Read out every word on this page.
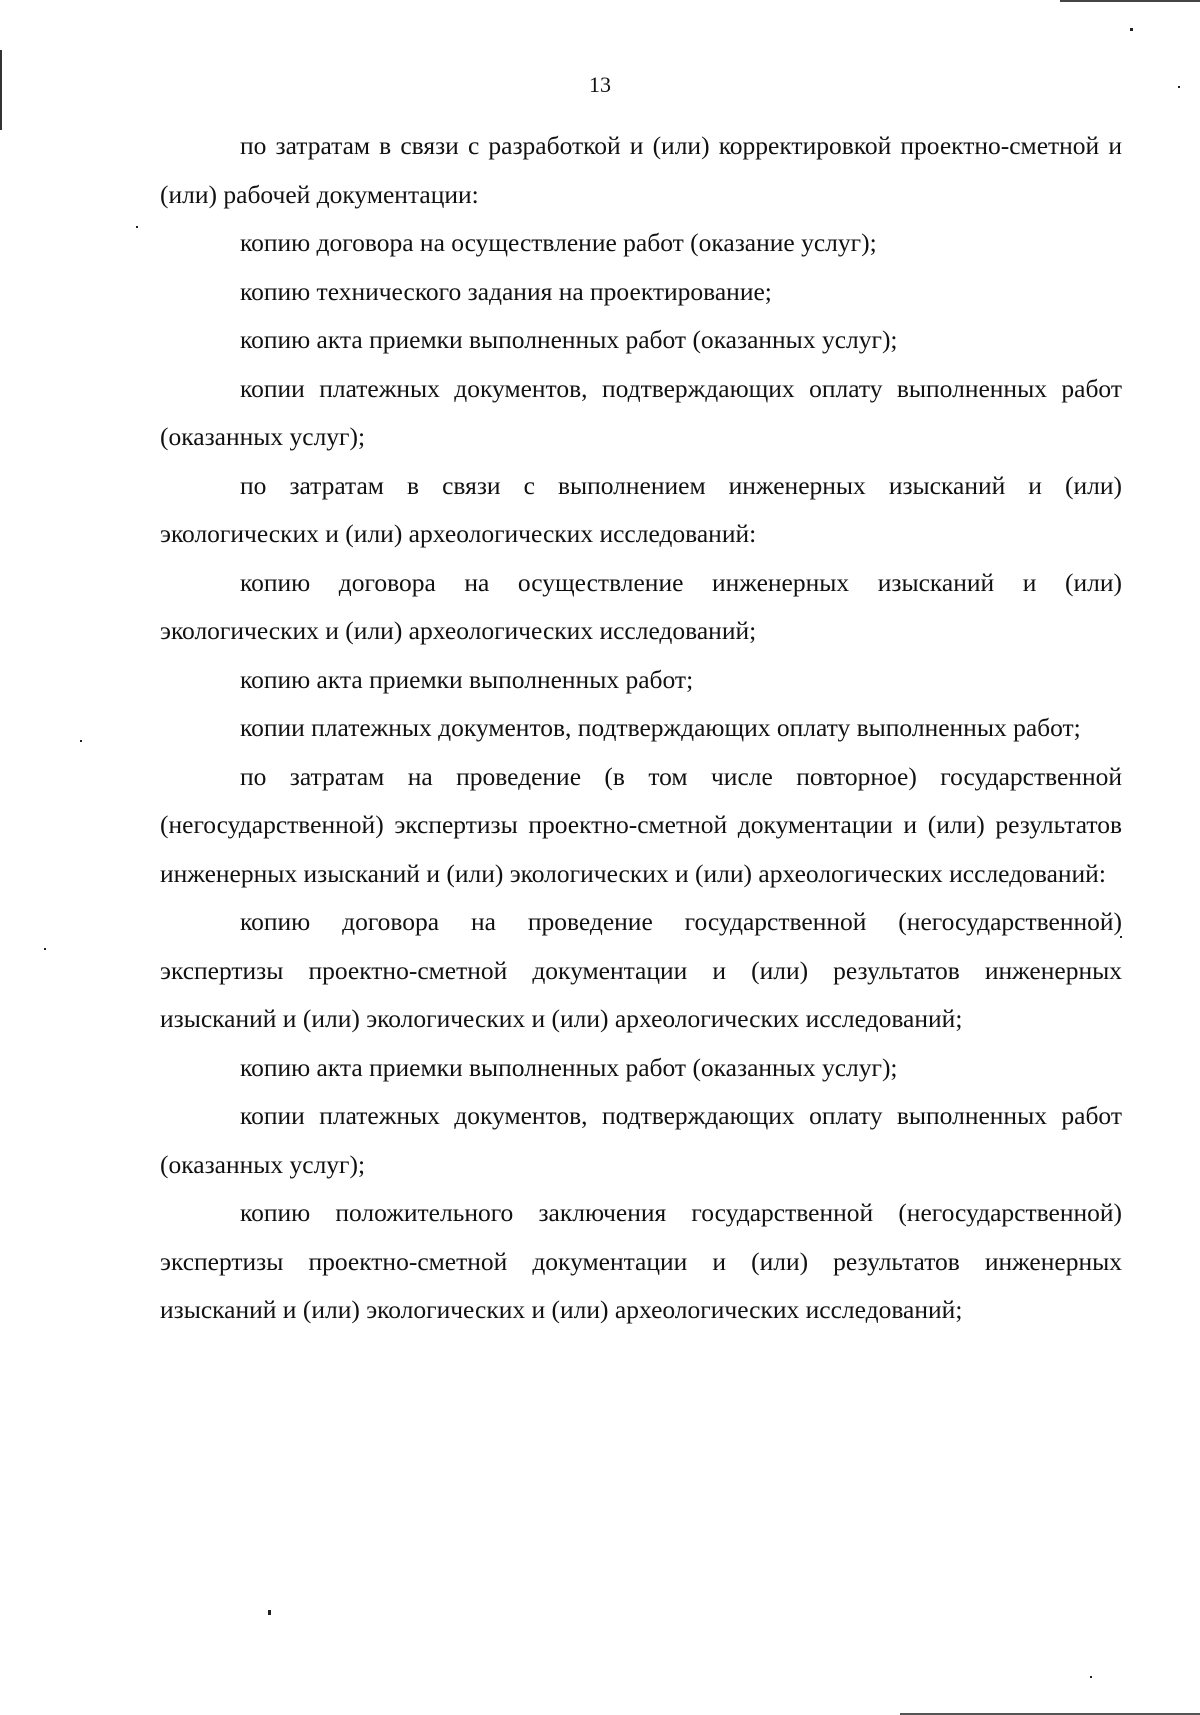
13

по затратам в связи с разработкой и (или) корректировкой проектно-сметной и (или) рабочей документации:

копию договора на осуществление работ (оказание услуг);

копию технического задания на проектирование;

копию акта приемки выполненных работ (оказанных услуг);

копии платежных документов, подтверждающих оплату выполненных работ (оказанных услуг);

по затратам в связи с выполнением инженерных изысканий и (или) экологических и (или) археологических исследований:

копию договора на осуществление инженерных изысканий и (или) экологических и (или) археологических исследований;

копию акта приемки выполненных работ;

копии платежных документов, подтверждающих оплату выполненных работ;

по затратам на проведение (в том числе повторное) государственной (негосударственной) экспертизы проектно-сметной документации и (или) результатов инженерных изысканий и (или) экологических и (или) археологических исследований:

копию договора на проведение государственной (негосударственной) экспертизы проектно-сметной документации и (или) результатов инженерных изысканий и (или) экологических и (или) археологических исследований;

копию акта приемки выполненных работ (оказанных услуг);

копии платежных документов, подтверждающих оплату выполненных работ (оказанных услуг);

копию положительного заключения государственной (негосударственной) экспертизы проектно-сметной документации и (или) результатов инженерных изысканий и (или) экологических и (или) археологических исследований;
